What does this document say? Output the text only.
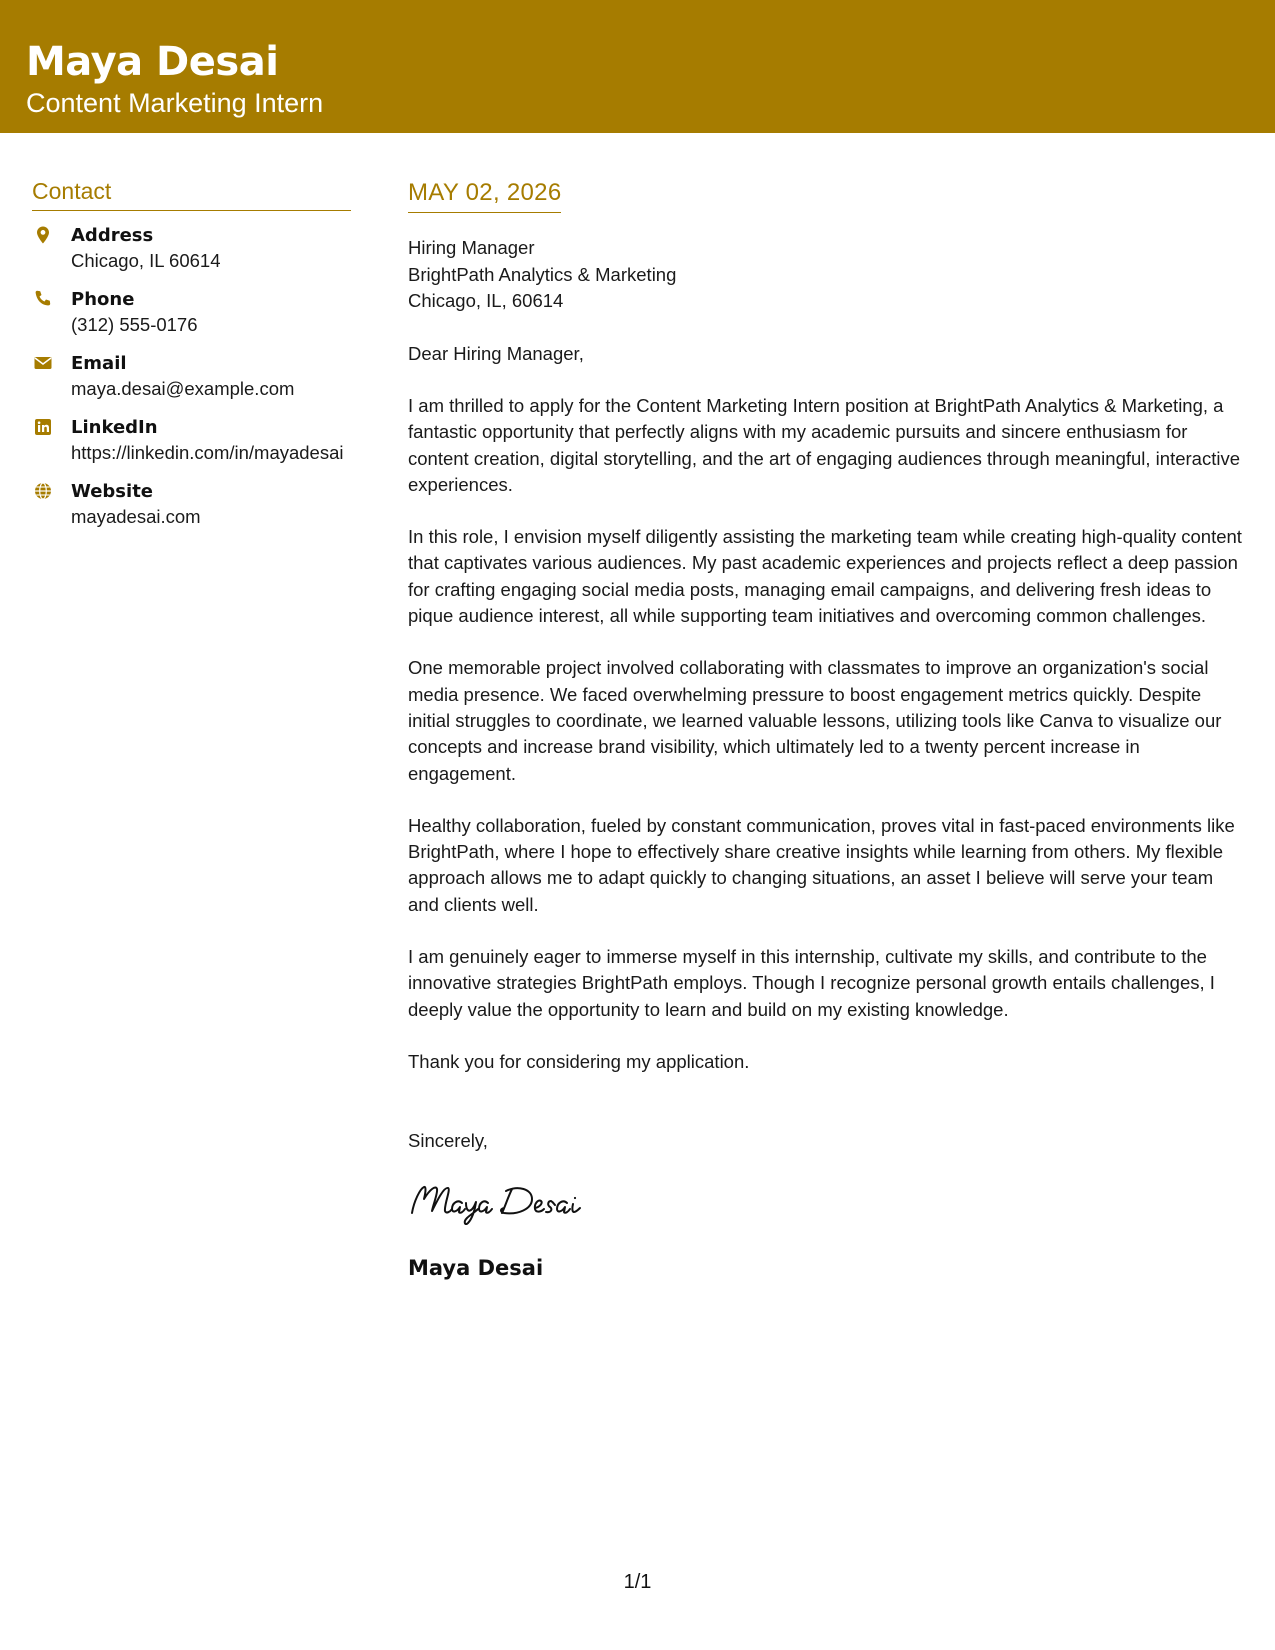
Maya Desai
Content Marketing Intern
Contact
Address
Chicago, IL 60614
Phone
(312) 555-0176
Email
maya.desai@example.com
LinkedIn
https://linkedin.com/in/mayadesai
Website
mayadesai.com
MAY 02, 2026
Hiring Manager
BrightPath Analytics & Marketing
Chicago, IL, 60614
Dear Hiring Manager,
I am thrilled to apply for the Content Marketing Intern position at BrightPath Analytics & Marketing, a fantastic opportunity that perfectly aligns with my academic pursuits and sincere enthusiasm for content creation, digital storytelling, and the art of engaging audiences through meaningful, interactive experiences.
In this role, I envision myself diligently assisting the marketing team while creating high-quality content that captivates various audiences. My past academic experiences and projects reflect a deep passion for crafting engaging social media posts, managing email campaigns, and delivering fresh ideas to pique audience interest, all while supporting team initiatives and overcoming common challenges.
One memorable project involved collaborating with classmates to improve an organization's social media presence. We faced overwhelming pressure to boost engagement metrics quickly. Despite initial struggles to coordinate, we learned valuable lessons, utilizing tools like Canva to visualize our concepts and increase brand visibility, which ultimately led to a twenty percent increase in engagement.
Healthy collaboration, fueled by constant communication, proves vital in fast-paced environments like BrightPath, where I hope to effectively share creative insights while learning from others. My flexible approach allows me to adapt quickly to changing situations, an asset I believe will serve your team and clients well.
I am genuinely eager to immerse myself in this internship, cultivate my skills, and contribute to the innovative strategies BrightPath employs. Though I recognize personal growth entails challenges, I deeply value the opportunity to learn and build on my existing knowledge.
Thank you for considering my application.
Sincerely,
Maya Desai
1/1
